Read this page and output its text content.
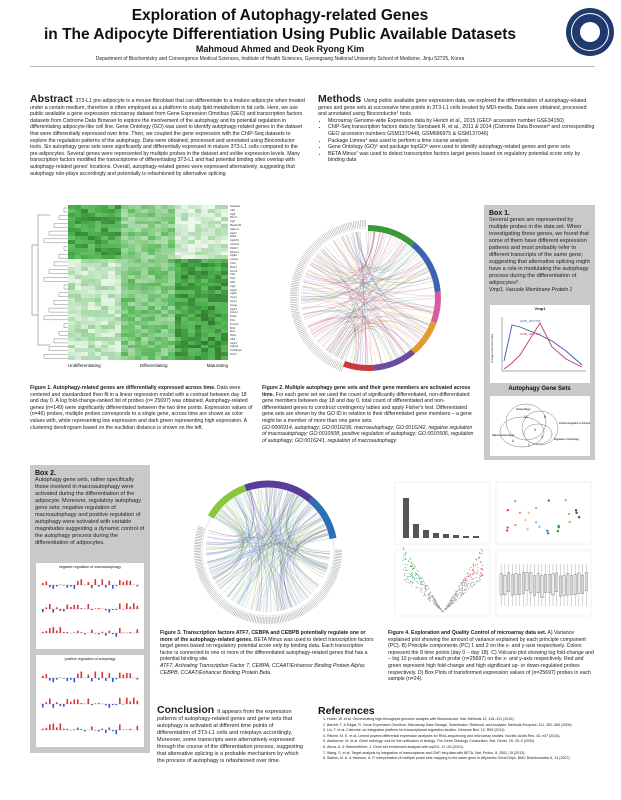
Exploration of Autophagy-related Genes
in The Adipocyte Differentiation Using Public Available Datasets
Mahmoud Ahmed and Deok Ryong Kim
Department of Biochemistry and Convergence Medical Sciences, Institute of Health Sciences, Gyeongsang National University School of Medicine, Jinju 52725, Korea
Abstract 3T3-L1 pre-adipocyte is a mouse fibroblast that can differentiate to a mature adipocyte when treated under a certain medium, therefore is often employed as a platform to study lipid metabolism in fat cells. Here, we use public available a gene expression microarray dataset from Gene Expression Omnibus (GEO) and transcription factors datasets from Cistrome Data Browser to explore the involvement of the autophagy and its potential regulation in differentiating adipocyte-like cell line. Gene Ontology (GO) was used to identify autophagy-related genes in the dataset that were differentially expressed over time. Then, we coupled the gene expression with the ChIP-Seq datasets to explore the regulation patterns of the autophagy. Data were obtained, processed and annotated using Bioconductor tools. Six autophagy gene sets were significantly and differentially expressed in mature 3T3-L1 cells compared to the pre-adipocytes. Several genes were represented by multiple probes in the dataset and unlike expression levels. Many transcription factors modified the transcriptome of differentiating 3T3-L1 and had potential binding sites overlap with autophagy-related genes' locations. Overall, autophagy-related genes were expressed alternatively, suggesting that autophagy role-plays accordingly and potentially is refashioned by alternative splicing.
Methods Using public available gene expression data, we explored the differentiation of autophagy-related genes and gene sets at successive time points in 3T3-L1 cells treated by MDI-media. Data were obtained, processed and annotated using Bioconductor¹ tools.
• Microarray Genome-wide Expression data by Herich et al., 2015 (GEO² accession number GSE34150)
• ChIP-Seq transcription factors data by Siersbaek R, et al., 2011 & 2014 (Cistrome Data Browser³ and corresponding GEO accession numbers GSM1370448, GSM686975 & GSM137046)
• Package Limma⁴ was used to perform a time course analysis
• Gene Ontology (GO)⁵ and package topGO⁶ were used to identify autophagy-related genes and gene sets
• BETA Minus⁷ was used to detect transcription factors target genes based on regulatory potential score only by binding data
Gabarap
Ulk1
Atg5
Becn1
Atg7
Map1lc3b
Sqstm1
Atg12
Wipi1
Atg16l1
Ambra1
Pik3c3
Rb1cc1
Atg9a
Lamp2
Ctsd
Bnip3
Foxo3
Tfeb
Optn
Nbr1
Atg3
Atg10
Atg4b
Vmp1
Irgm1
Uvrag
Atg14
Dram1
Pink1
Prkn
Fundc1
Bcl2
Mtor
Rptor
Ulk2
Atg13
Atg101
Trp53inp2
Stx17
Undifferentiating	Differentiating	Maturating
Figure 1. Autophagy-related genes are differentially expressed across time. Data were centered and standardized then fit in a linear regression model with a contrast between day 18 and day 0. A log fold-change-ranked list of probes (n= 25697) was obtained. Autophagy-related genes (n=149) were significantly differentiated between the two time points. Expression values of (n=46) probes, multiple probes corresponds to a single gene, across time are shown as color values with, white representing low expression and dark green representing high expression. A clustering dendrogram based on the euclidian distance is shown on the left.
Figure 2. Multiple autophagy gene sets and their gene members are activated across time. For each gene set we used the count of significantly differentiated, non-differentiated gene members between day 18 and day 0, total count of differentiated and non-differentiated genes to construct contingency tables and apply Fisher's test. Differentiated gene sets are shown by the GO ID in relation to their differentiated gene members – a gene might be a member of more than one gene sets.
GO:0006914, autophagy; GO:0016236, macroautophagy; GO:0016242, negative regulation of macroautophagy; GO:0010508, positive regulation of autophagy; GO:0010506, regulation of autophagy; GO:0016241, regulation of macroautophagy.
Box 1.
Several genes are represented by multiple probes in the data set. When investigating these genes, we found that some of them have different expression patterns and most probably refer to different transcripts of the same gene; suggesting that alternative splicing might have a role in modulating the autophagy process during the differentiation of adipocytes⁸.
Vmp1, Vacuole Membrane Protein 1
Vmp1
ILMN_2647796
ILMN_2641703
Average Expression Value
Autophagy Gene Sets
Autophagy
Macroautophagy
Positive Regulation of Autophagy
Regulation of Autophagy
14
4
8
3
2
1
Box 2.
Autophagy gene sets, rather specifically those involved in macroautophagy were activated during the differentiation of the adipocyte. Moreover, regulatory autophagy gene sets; negative regulation of macroautophagy and positive regulation of autophagy were activated with variable magnitudes suggesting a dynamic control of the autophagy process during the differentiation of adipocytes.
negative regulation of macroautophagy
positive regulation of autophagy
Figure 3. Transcription factors ATF7, CEBPA and CEBPB potentially regulate one or more of the autophagy-related genes. BETA Minus was used to detect transcription factors target genes based on regulatory potential score only by binding data. Each transcription factor is connected to one or more of the differentiated autophagy-related genes that has a potential binding site.
ATF7, Activating Transcription Factor 7, CEBPA, CCAAT/Enhancer Binding Protein Alpha; CEBPB, CCAAT/Enhancer Binding Protein Beta.
Figure 4. Exploration and Quality Control of microarray data set. A) Variance explained plot showing the amount of variance explained by each principle component (PC). B) Principle components (PC) 1 and 2 on the x- and y-axis respectively. Colors represent the 8 time points (day 0 – day 18). C) Volcano plot showing log fold-change and – log 10 p-values of each probe (n=25697) on the x- and y-axis respectively. Red and green represent high fold-change and high significant up- or down-regulated probes respectively. D) Box Plots of transformed expression values of (n=25697) probes in each sample (n=24).
Conclusion It appears from the expression patterns of autophagy-related genes and gene sets that autophagy is activated at different time points of differentiation of 3T3-L1 cells and roleplays accordingly. Moreover, some transcripts were alternatively expressed through the course of the differentiation process, suggesting that alternative splicing is a probable mechanism by which the process of autophagy is refashioned over time.
References
1. Huber, W. et al. Orchestrating high-throughput genomic analysis with Bioconductor. Nat. Methods 12, 115–121 (2015).
2. Barrett, T. & Edgar, R. Gene Expression Omnibus: Microarray Data Storage, Submission, Retrieval, and Analysis. Methods Enzymol. 411, 352–369 (2006).
3. Liu, T. et al. Cistrome: an integrative platform for transcriptional regulation studies. Genome Biol. 12, R83 (2011).
4. Ritchie, M. E. et al. Limma powers differential expression analyses for RNA-sequencing and microarray studies. Nucleic Acids Res. 43, e47 (2015).
5. Ashburner, M. et al. Gene ontology: tool for the unification of biology. The Gene Ontology Consortium. Nat. Genet. 25, 25–9 (2000).
6. Alexa, A. & Rahnenführer, J. Gene set enrichment analysis with topGO. 47–53 (2010).
7. Wang, S. et al. Target analysis by integration of transcriptome and ChIP-seq data with BETA. Nat. Protoc. 8, 2502–15 (2013).
8. Stallon, M. A. & Harrison, A. P. Interpretation of multiple probe sets mapping to the same gene in Affymetrix GeneChips. BMC Bioinformatics 8, 13 (2007).
